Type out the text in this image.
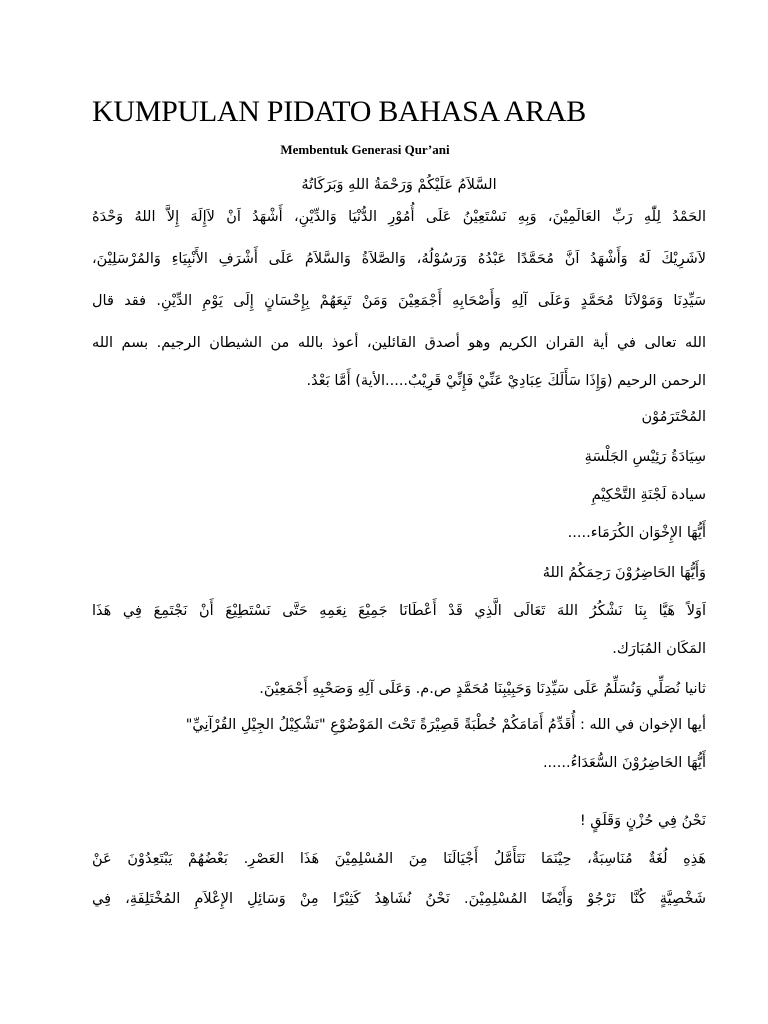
KUMPULAN PIDATO BAHASA ARAB
Membentuk Generasi Qur’ani
السَّلاَمُ عَلَيْكُمْ وَرَحْمَةُ اللهِ وَبَرَكَاتُهُ
الحَمْدُ لِلّٰهِ رَبِّ العَالَمِيْنَ، وَبِهِ نَسْتَعِيْنُ عَلَى أُمُوْرِ الدُّنْيَا وَالدِّيْنِ، أَشْهَدُ اَنْ لاَإِلَهَ إِلاَّ اللهُ وَحْدَهُ
لاَشَرِيْكَ لَهُ وَأَشْهَدُ اَنَّ مُحَمَّدًا عَبْدُهُ وَرَسُوْلُهُ، وَالصَّلاَةُ وَالسَّلاَمُ عَلَى أَشْرَفِ الأَنْبِيَاءِ وَالمُرْسَلِيْنَ،
سَيِّدِنَا وَمَوْلاَنَا مُحَمَّدٍ وَعَلَى آلِهِ وَأَصْحَابِهِ أَجْمَعِيْنَ وَمَنْ تَبِعَهُمْ بِإِحْسَانٍ إِلَى يَوْمِ الدِّيْنِ. فقد قال
الله تعالى في أية القران الكريم وهو أصدق القائلين، أعوذ بالله من الشيطان الرجيم. بسم الله
الرحمن الرحيم (وَإِذَا سَأَلَكَ عِبَادِيْ عَنِّيْ فَإِنِّيْ قَرِيْبٌ.....الأية) أَمَّا بَعْدُ.
المُحْتَرَمُوْن
سِيَادَةُ رَئِيْسِ الجَلْسَةِ
سيادة لَجْنَةِ التَّحْكِيْمِ
أَيُّهَا الإِخْوَان الكُرَمَاء.....
وَأَيُّهَا الحَاضِرُوْنَ رَحِمَكُمُ اللهُ
اَوَلاً هَيَّا بِنَا نَشْكُرُ اللهَ تَعَالَى الَّذِي قَدْ أَعْطَانَا جَمِيْعَ نِعَمِهِ حَتَّى نَسْتَطِيْعَ أَنْ نَجْتَمِعَ فِي هَذَا
المَكَان المُبَارَك.
ثانيا نُصَلِّي وَنُسَلِّمُ عَلَى سَيِّدِنَا وَحَبِيْبِنَا مُحَمَّدٍ ص.م. وَعَلَى آلِهِ وَصَحْبِهِ أَجْمَعِيْنَ.
أيها الإخوان في الله : أُقَدِّمُ أَمَامَكُمْ خُطْبَةً قَصِيْرَةً تَحْتَ المَوْضُوْعِ "تَشْكِيْلُ الجِيْلِ القُرْآنِيِّ"
أَيُّهَا الحَاضِرُوْنَ السُّعَدَاءُ......
نَحْنُ فِي حُزْنٍ وَقَلَقٍ !
هَذِهِ لُغَةٌ مُنَاسِبَةٌ، حِيْنَمَا نَتَأَمَّلُ أَجْيَالَنَا مِنَ المُسْلِمِيْنَ هَذَا العَصْرِ. بَعْضُهُمْ يَبْتَعِدُوْنَ عَنْ
شَخْصِيَّةٍ كُنَّا نَرْجُوْ وَأَيْضًا المُسْلِمِيْنَ. نَحْنُ نُشَاهِدُ كَثِيْرًا مِنْ وَسَائِلِ الإِعْلاَمِ المُخْتَلِفَةِ، فِي
